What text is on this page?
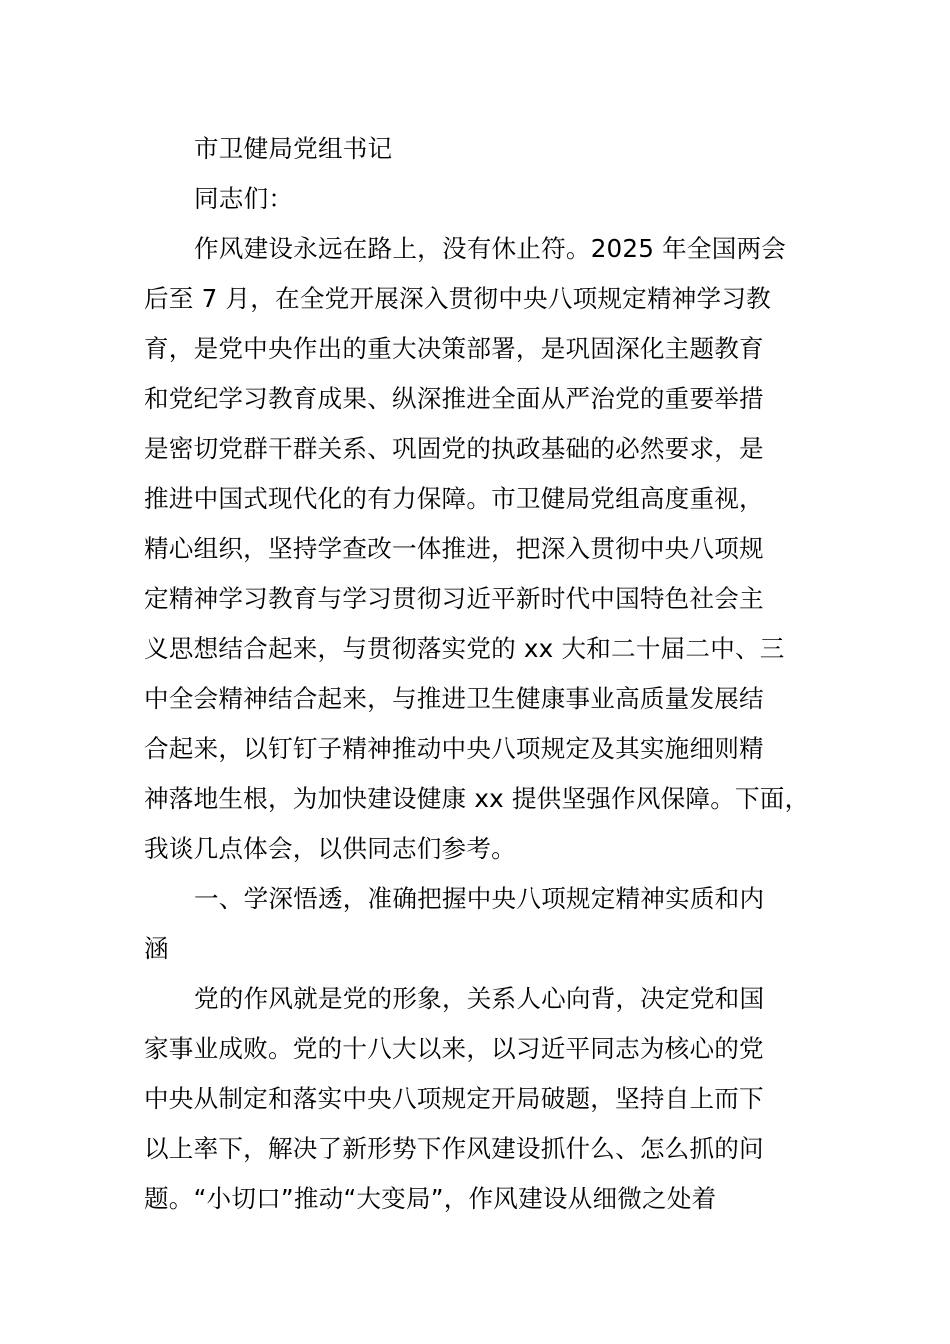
市卫健局党组书记
同志们：
作风建设永远在路上，没有休止符。2025 年全国两会
后至 7 月，在全党开展深入贯彻中央八项规定精神学习教
育，是党中央作出的重大决策部署，是巩固深化主题教育
和党纪学习教育成果、纵深推进全面从严治党的重要举措
是密切党群干群关系、巩固党的执政基础的必然要求，是
推进中国式现代化的有力保障。市卫健局党组高度重视，
精心组织，坚持学查改一体推进，把深入贯彻中央八项规
定精神学习教育与学习贯彻习近平新时代中国特色社会主
义思想结合起来，与贯彻落实党的 xx 大和二十届二中、三
中全会精神结合起来，与推进卫生健康事业高质量发展结
合起来，以钉钉子精神推动中央八项规定及其实施细则精
神落地生根，为加快建设健康 xx 提供坚强作风保障。下面，
我谈几点体会，以供同志们参考。
一、学深悟透，准确把握中央八项规定精神实质和内
涵
党的作风就是党的形象，关系人心向背，决定党和国
家事业成败。党的十八大以来，以习近平同志为核心的党
中央从制定和落实中央八项规定开局破题，坚持自上而下
以上率下，解决了新形势下作风建设抓什么、怎么抓的问
题。“小切口”推动“大变局”，作风建设从细微之处着
